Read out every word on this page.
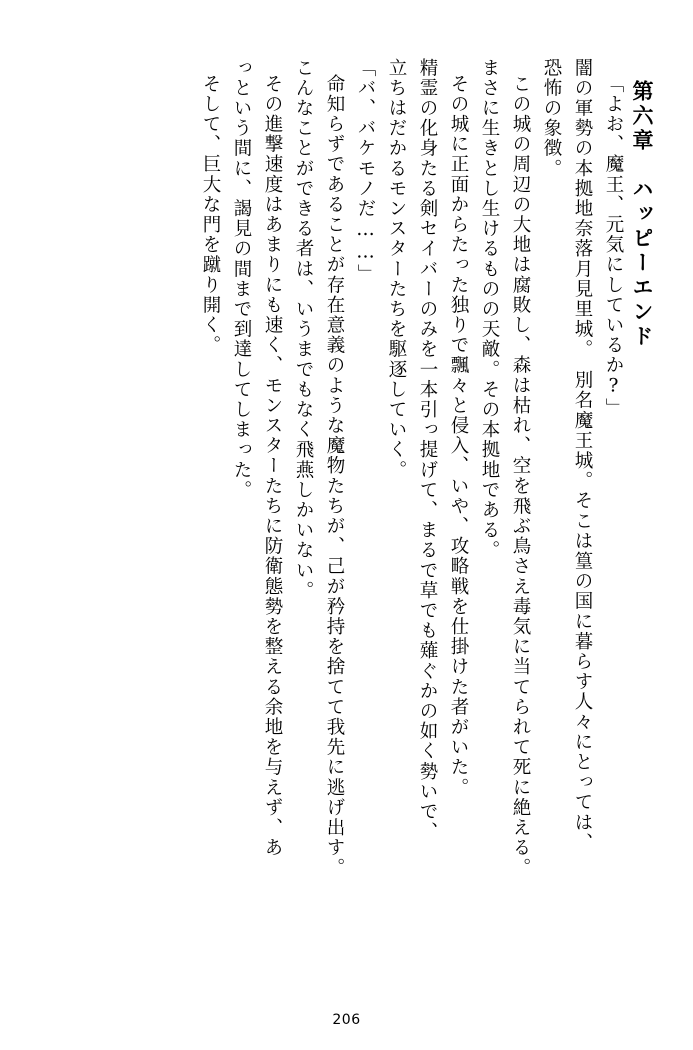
第六章　ハッピーエンド
「よお、魔王、元気にしているか?」
闇の軍勢の本拠地奈落月見里城。　別名魔王城。そこは篁の国に暮らす人々にとっては、
恐怖の象徴。
この城の周辺の大地は腐敗し、森は枯れ、空を飛ぶ鳥さえ毒気に当てられて死に絶える。
まさに生きとし生けるものの天敵。その本拠地である。
その城に正面からたった独りで飄々と侵入、いや、攻略戦を仕掛けた者がいた。
精霊の化身たる剣セイバーのみを一本引っ提げて、まるで草でも薙ぐかの如く勢いで、
立ちはだかるモンスターたちを駆逐していく。
「バ、バケモノだ……」
命知らずであることが存在意義のような魔物たちが、己が矜持を捨てて我先に逃げ出す。
こんなことができる者は、いうまでもなく飛燕しかいない。
その進撃速度はあまりにも速く、モンスターたちに防衛態勢を整える余地を与えず、あ
っという間に、謁見の間まで到達してしまった。
そして、巨大な門を蹴り開く。
206
